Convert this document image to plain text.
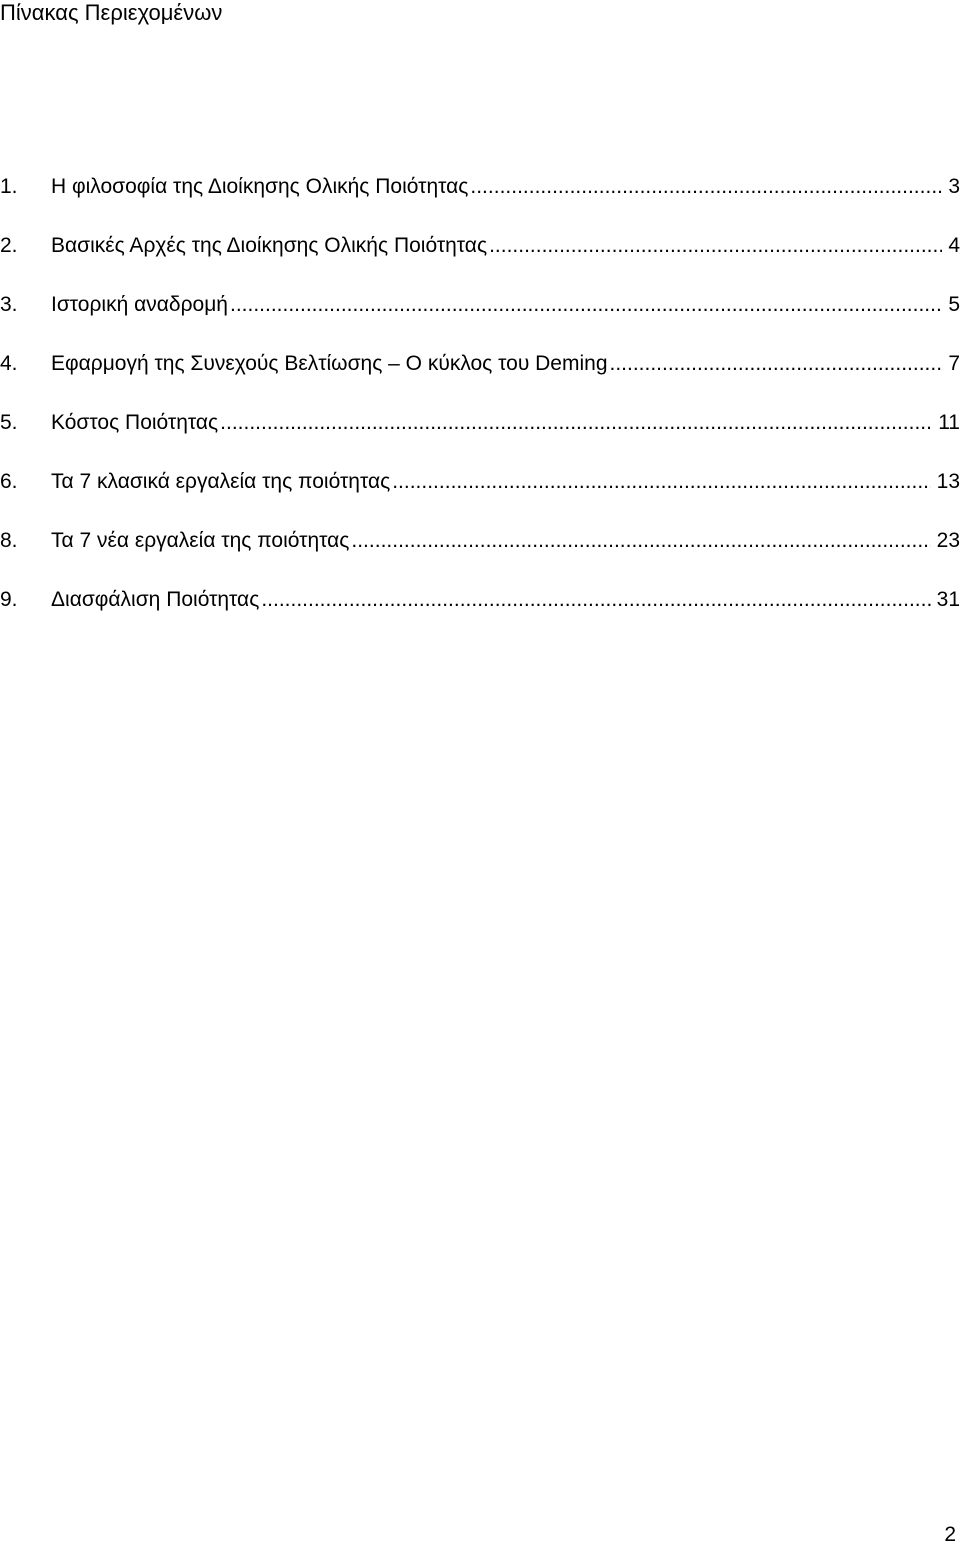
Πίνακας Περιεχομένων
1. Η φιλοσοφία της Διοίκησης Ολικής Ποιότητας .....	3
2. Βασικές Αρχές της Διοίκησης Ολικής Ποιότητας .....	4
3. Ιστορική αναδρομή .....	5
4. Εφαρμογή της Συνεχούς Βελτίωσης – Ο κύκλος του Deming .....	7
5. Κόστος Ποιότητας .....	11
6. Τα 7 κλασικά εργαλεία της ποιότητας .....	13
8. Τα 7 νέα εργαλεία της ποιότητας .....	23
9. Διασφάλιση Ποιότητας .....	31
2
